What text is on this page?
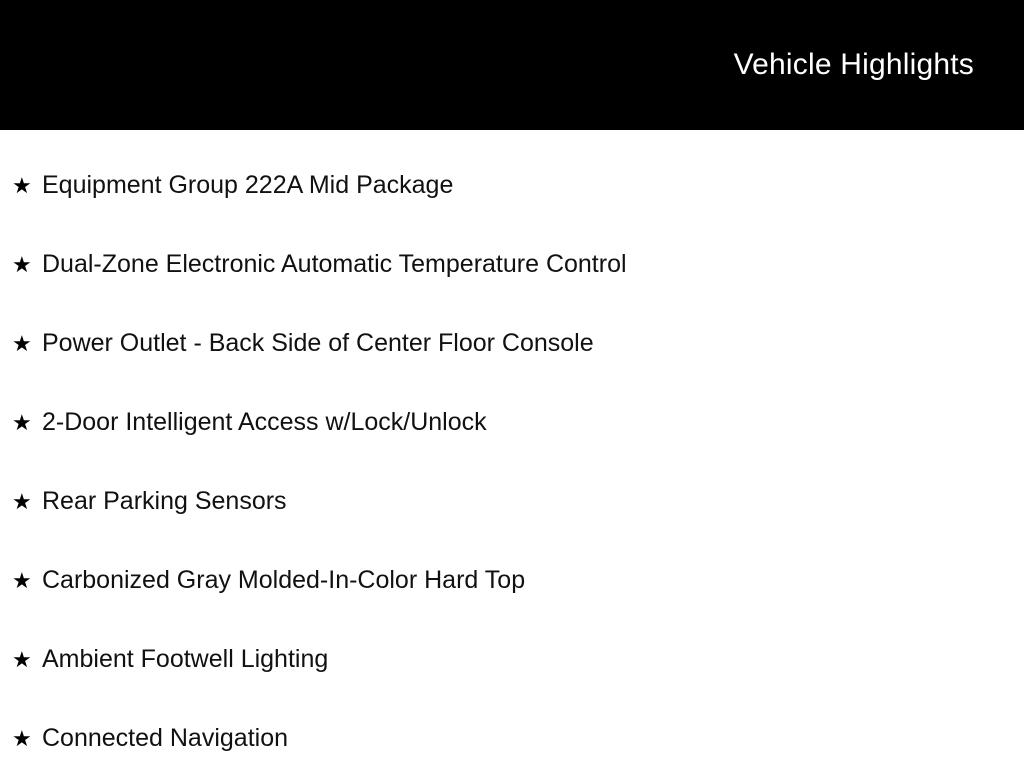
Vehicle Highlights
★ Equipment Group 222A Mid Package
★ Dual-Zone Electronic Automatic Temperature Control
★ Power Outlet - Back Side of Center Floor Console
★ 2-Door Intelligent Access w/Lock/Unlock
★ Rear Parking Sensors
★ Carbonized Gray Molded-In-Color Hard Top
★ Ambient Footwell Lighting
★ Connected Navigation
